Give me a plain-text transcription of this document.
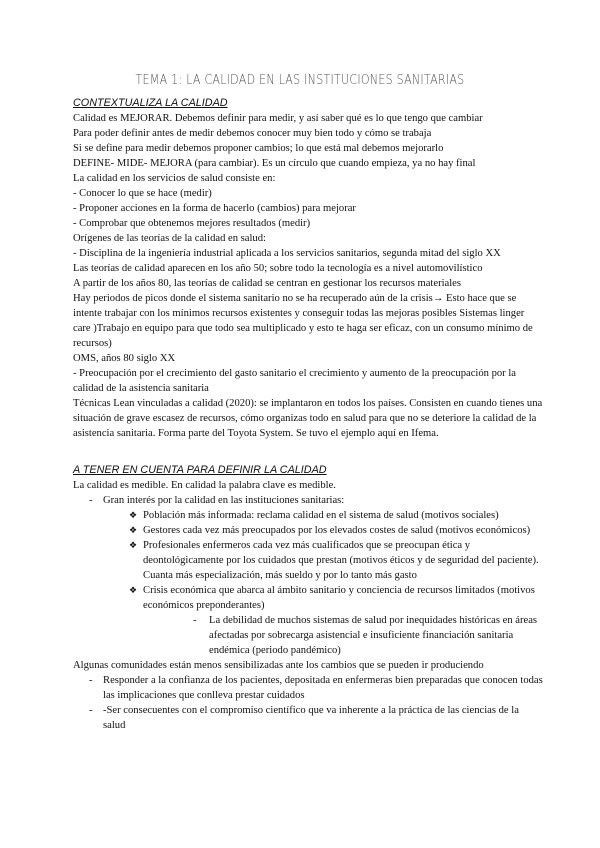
TEMA 1: LA CALIDAD EN LAS INSTITUCIONES SANITARIAS
CONTEXTUALIZA LA CALIDAD
Calidad es MEJORAR. Debemos definir para medir, y así saber qué es lo que tengo que cambiar
Para poder definir antes de medir debemos conocer muy bien todo y cómo se trabaja
Si se define para medir debemos proponer cambios; lo que está mal debemos mejorarlo
DEFINE- MIDE- MEJORA (para cambiar). Es un círculo que cuando empieza, ya no hay final
La calidad en los servicios de salud consiste en:
- Conocer lo que se hace (medir)
- Proponer acciones en la forma de hacerlo (cambios) para mejorar
- Comprobar que obtenemos mejores resultados (medir)
Orígenes de las teorías de la calidad en salud:
- Disciplina de la ingeniería industrial aplicada a los servicios sanitarios, segunda mitad del siglo XX
Las teorías de calidad aparecen en los año 50; sobre todo la tecnología es a nivel automovilístico
A partir de los años 80, las teorías de calidad se centran en gestionar los recursos materiales
Hay periodos de picos donde el sistema sanitario no se ha recuperado aún de la crisis→ Esto hace que se intente trabajar con los mínimos recursos existentes y conseguir todas las mejoras posibles Sistemas linger care )Trabajo en equipo para que todo sea multiplicado y esto te haga ser eficaz, con un consumo mínimo de recursos)
OMS, años 80 siglo XX
- Preocupación por el crecimiento del gasto sanitario el crecimiento y aumento de la preocupación por la calidad de la asistencia sanitaria
Técnicas Lean vinculadas a calidad (2020): se implantaron en todos los países. Consisten en cuando tienes una situación de grave escasez de recursos, cómo organizas todo en salud para que no se deteriore la calidad de la asistencia sanitaria. Forma parte del Toyota System. Se tuvo el ejemplo aquí en Ifema.
A TENER EN CUENTA PARA DEFINIR LA CALIDAD
La calidad es medible. En calidad la palabra clave es medible.
- Gran interés por la calidad en las instituciones sanitarias:
❖ Población más informada: reclama calidad en el sistema de salud (motivos sociales)
❖ Gestores cada vez más preocupados por los elevados costes de salud (motivos económicos)
❖ Profesionales enfermeros cada vez más cualificados que se preocupan ética y deontológicamente por los cuidados que prestan (motivos éticos y de seguridad del paciente). Cuanta más especialización, más sueldo y por lo tanto más gasto
❖ Crisis económica que abarca al ámbito sanitario y conciencia de recursos limitados (motivos económicos preponderantes)
- La debilidad de muchos sistemas de salud por inequidades históricas en áreas afectadas por sobrecarga asistencial e insuficiente financiación sanitaria endémica (periodo pandémico)
Algunas comunidades están menos sensibilizadas ante los cambios que se pueden ir produciendo
- Responder a la confianza de los pacientes, depositada en enfermeras bien preparadas que conocen todas las implicaciones que conlleva prestar cuidados
- -Ser consecuentes con el compromiso científico que va inherente a la práctica de las ciencias de la salud
